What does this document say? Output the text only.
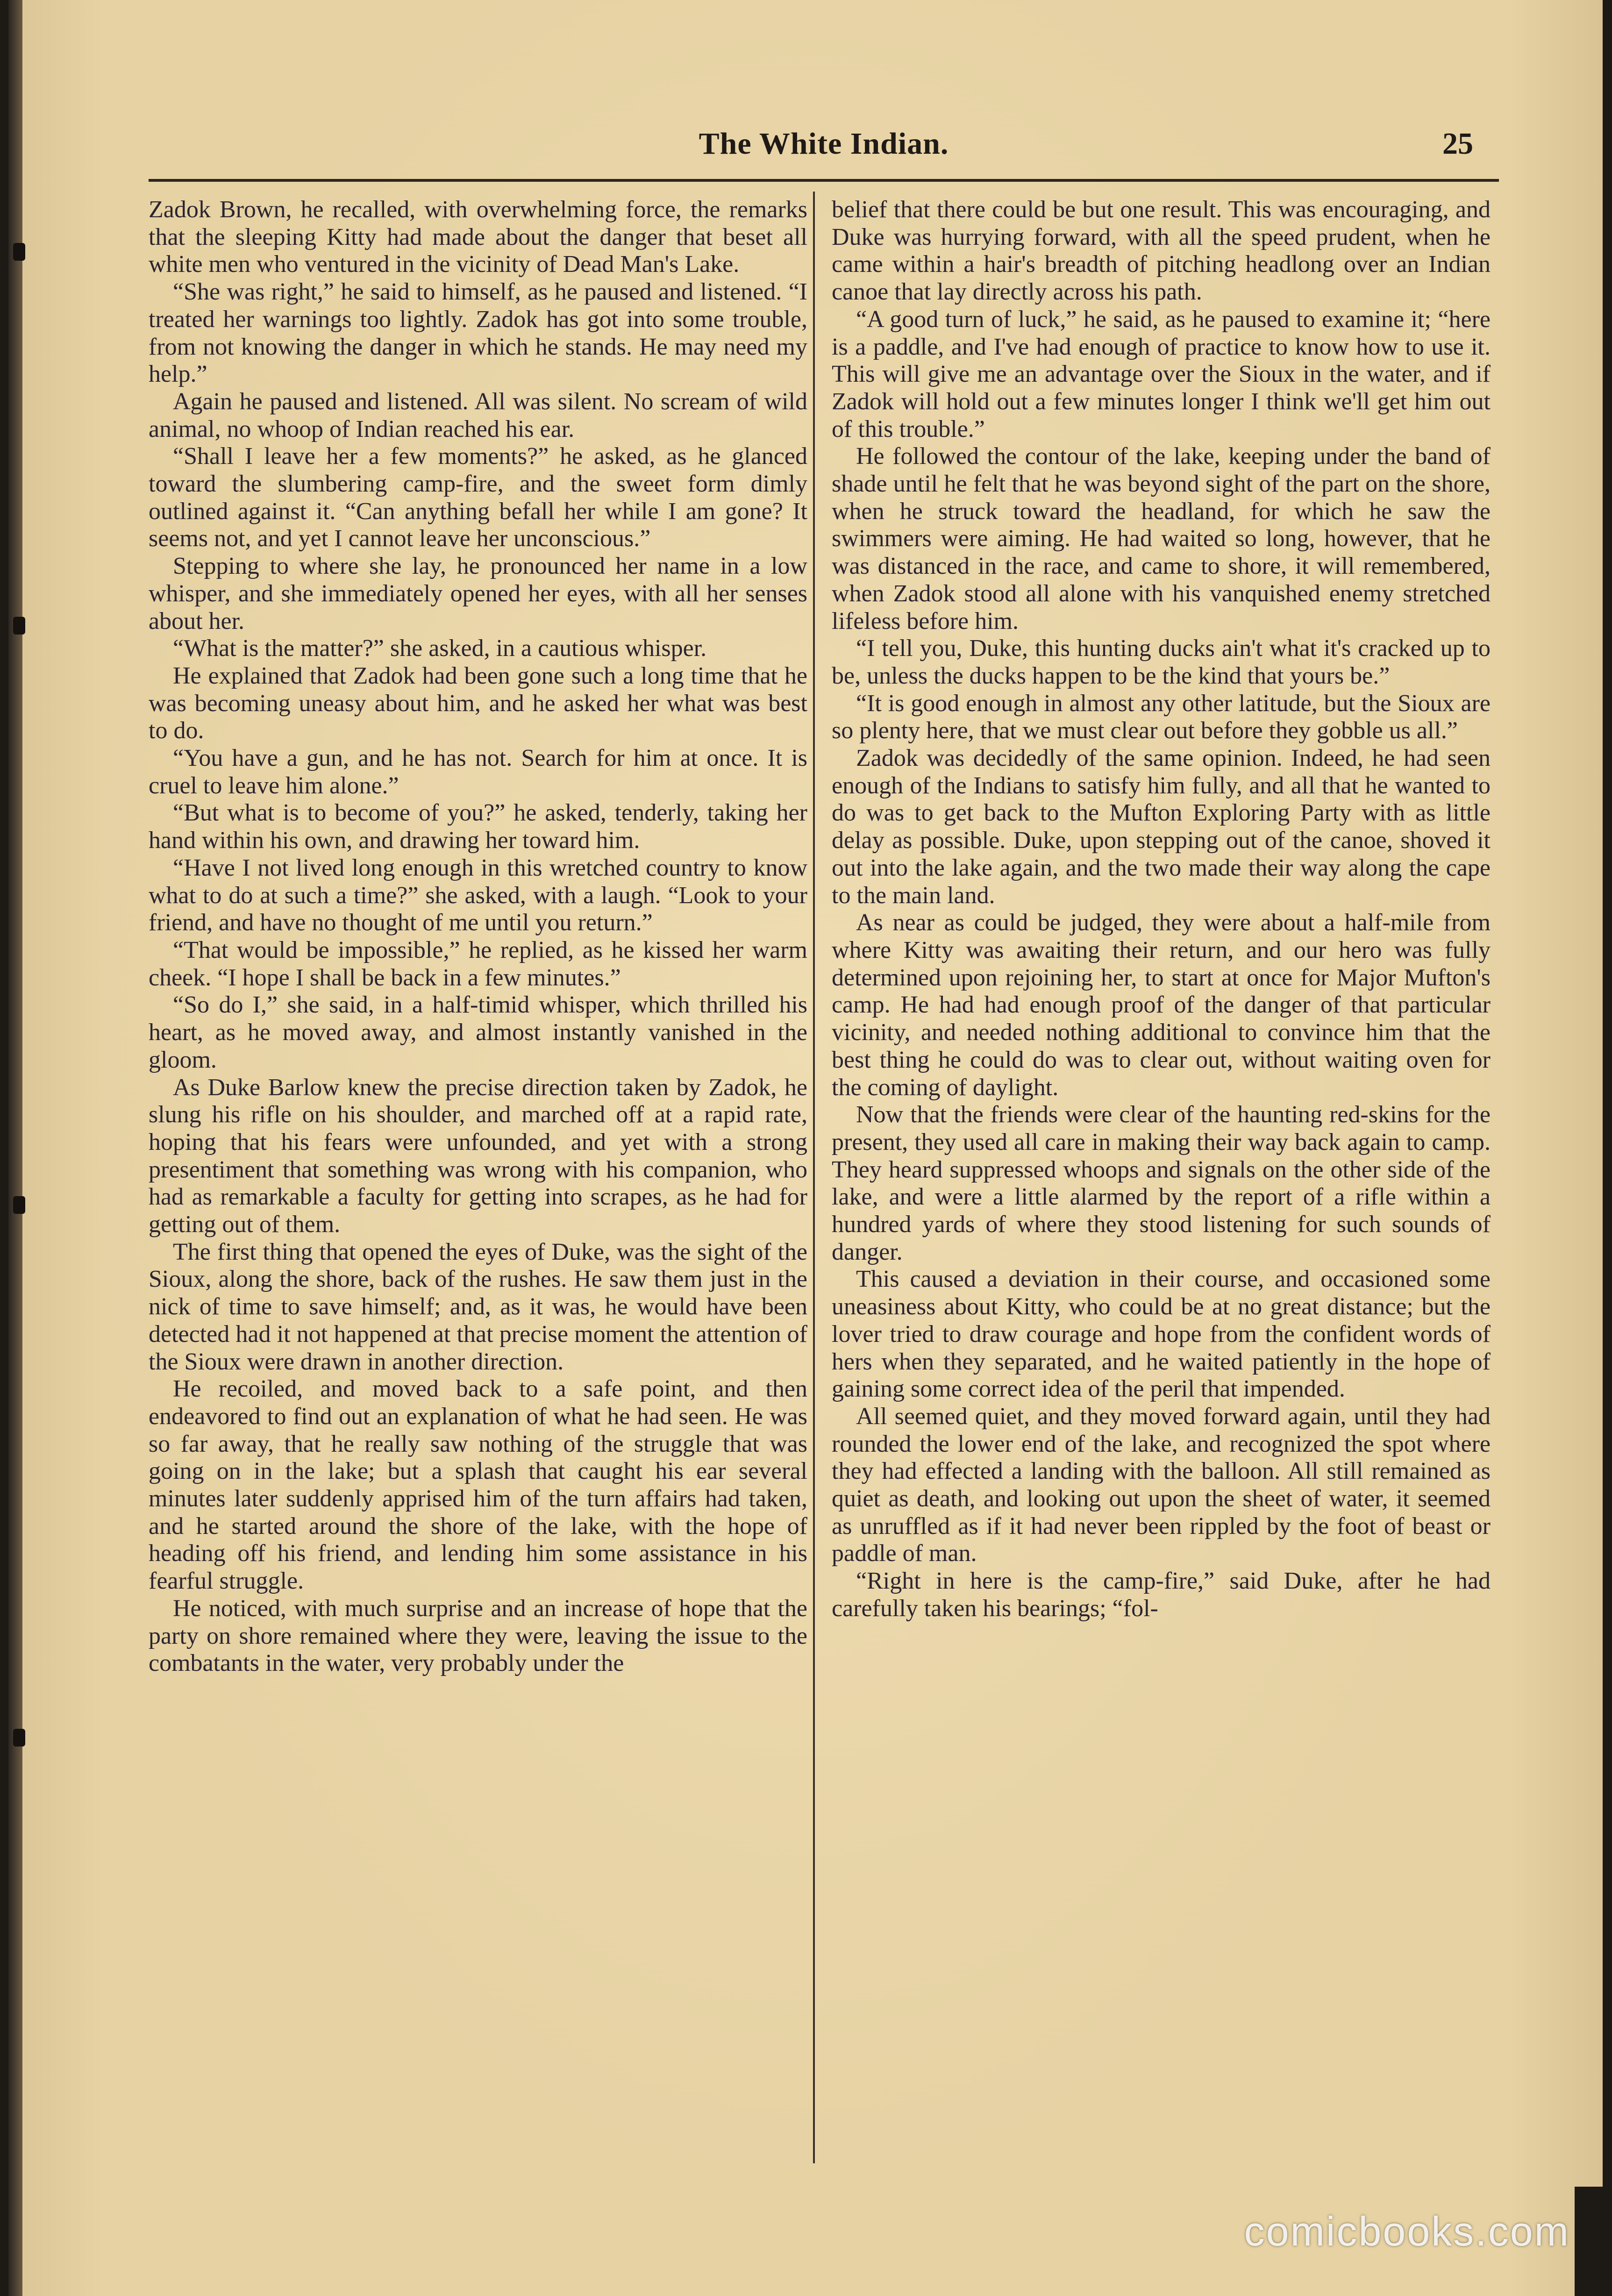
The White Indian.	25

Zadok Brown, he recalled, with overwhelming force, the remarks that the sleeping Kitty had made about the danger that beset all white men who ventured in the vicinity of Dead Man's Lake.

“She was right,” he said to himself, as he paused and listened. “I treated her warnings too lightly. Zadok has got into some trouble, from not knowing the danger in which he stands. He may need my help.”

Again he paused and listened. All was silent. No scream of wild animal, no whoop of Indian reached his ear.

“Shall I leave her a few moments?” he asked, as he glanced toward the slumbering camp-fire, and the sweet form dimly outlined against it. “Can anything befall her while I am gone? It seems not, and yet I cannot leave her unconscious.”

Stepping to where she lay, he pronounced her name in a low whisper, and she immediately opened her eyes, with all her senses about her.

“What is the matter?” she asked, in a cautious whisper.

He explained that Zadok had been gone such a long time that he was becoming uneasy about him, and he asked her what was best to do.

“You have a gun, and he has not. Search for him at once. It is cruel to leave him alone.”

“But what is to become of you?” he asked, tenderly, taking her hand within his own, and drawing her toward him.

“Have I not lived long enough in this wretched country to know what to do at such a time?” she asked, with a laugh. “Look to your friend, and have no thought of me until you return.”

“That would be impossible,” he replied, as he kissed her warm cheek. “I hope I shall be back in a few minutes.”

“So do I,” she said, in a half-timid whisper, which thrilled his heart, as he moved away, and almost instantly vanished in the gloom.

As Duke Barlow knew the precise direction taken by Zadok, he slung his rifle on his shoulder, and marched off at a rapid rate, hoping that his fears were unfounded, and yet with a strong presentiment that something was wrong with his companion, who had as remarkable a faculty for getting into scrapes, as he had for getting out of them.

The first thing that opened the eyes of Duke, was the sight of the Sioux, along the shore, back of the rushes. He saw them just in the nick of time to save himself; and, as it was, he would have been detected had it not happened at that precise moment the attention of the Sioux were drawn in another direction.

He recoiled, and moved back to a safe point, and then endeavored to find out an explanation of what he had seen. He was so far away, that he really saw nothing of the struggle that was going on in the lake; but a splash that caught his ear several minutes later suddenly apprised him of the turn affairs had taken, and he started around the shore of the lake, with the hope of heading off his friend, and lending him some assistance in his fearful struggle.

He noticed, with much surprise and an increase of hope that the party on shore remained where they were, leaving the issue to the combatants in the water, very probably under the

belief that there could be but one result. This was encouraging, and Duke was hurrying forward, with all the speed prudent, when he came within a hair's breadth of pitching headlong over an Indian canoe that lay directly across his path.

“A good turn of luck,” he said, as he paused to examine it; “here is a paddle, and I've had enough of practice to know how to use it. This will give me an advantage over the Sioux in the water, and if Zadok will hold out a few minutes longer I think we'll get him out of this trouble.”

He followed the contour of the lake, keeping under the band of shade until he felt that he was beyond sight of the part on the shore, when he struck toward the headland, for which he saw the swimmers were aiming. He had waited so long, however, that he was distanced in the race, and came to shore, it will remembered, when Zadok stood all alone with his vanquished enemy stretched lifeless before him.

“I tell you, Duke, this hunting ducks ain't what it's cracked up to be, unless the ducks happen to be the kind that yours be.”

“It is good enough in almost any other latitude, but the Sioux are so plenty here, that we must clear out before they gobble us all.”

Zadok was decidedly of the same opinion. Indeed, he had seen enough of the Indians to satisfy him fully, and all that he wanted to do was to get back to the Mufton Exploring Party with as little delay as possible. Duke, upon stepping out of the canoe, shoved it out into the lake again, and the two made their way along the cape to the main land.

As near as could be judged, they were about a half-mile from where Kitty was awaiting their return, and our hero was fully determined upon rejoining her, to start at once for Major Mufton's camp. He had had enough proof of the danger of that particular vicinity, and needed nothing additional to convince him that the best thing he could do was to clear out, without waiting oven for the coming of daylight.

Now that the friends were clear of the haunting red-skins for the present, they used all care in making their way back again to camp. They heard suppressed whoops and signals on the other side of the lake, and were a little alarmed by the report of a rifle within a hundred yards of where they stood listening for such sounds of danger.

This caused a deviation in their course, and occasioned some uneasiness about Kitty, who could be at no great distance; but the lover tried to draw courage and hope from the confident words of hers when they separated, and he waited patiently in the hope of gaining some correct idea of the peril that impended.

All seemed quiet, and they moved forward again, until they had rounded the lower end of the lake, and recognized the spot where they had effected a landing with the balloon. All still remained as quiet as death, and looking out upon the sheet of water, it seemed as unruffled as if it had never been rippled by the foot of beast or paddle of man.

“Right in here is the camp-fire,” said Duke, after he had carefully taken his bearings; “fol-

comicbooks.com
